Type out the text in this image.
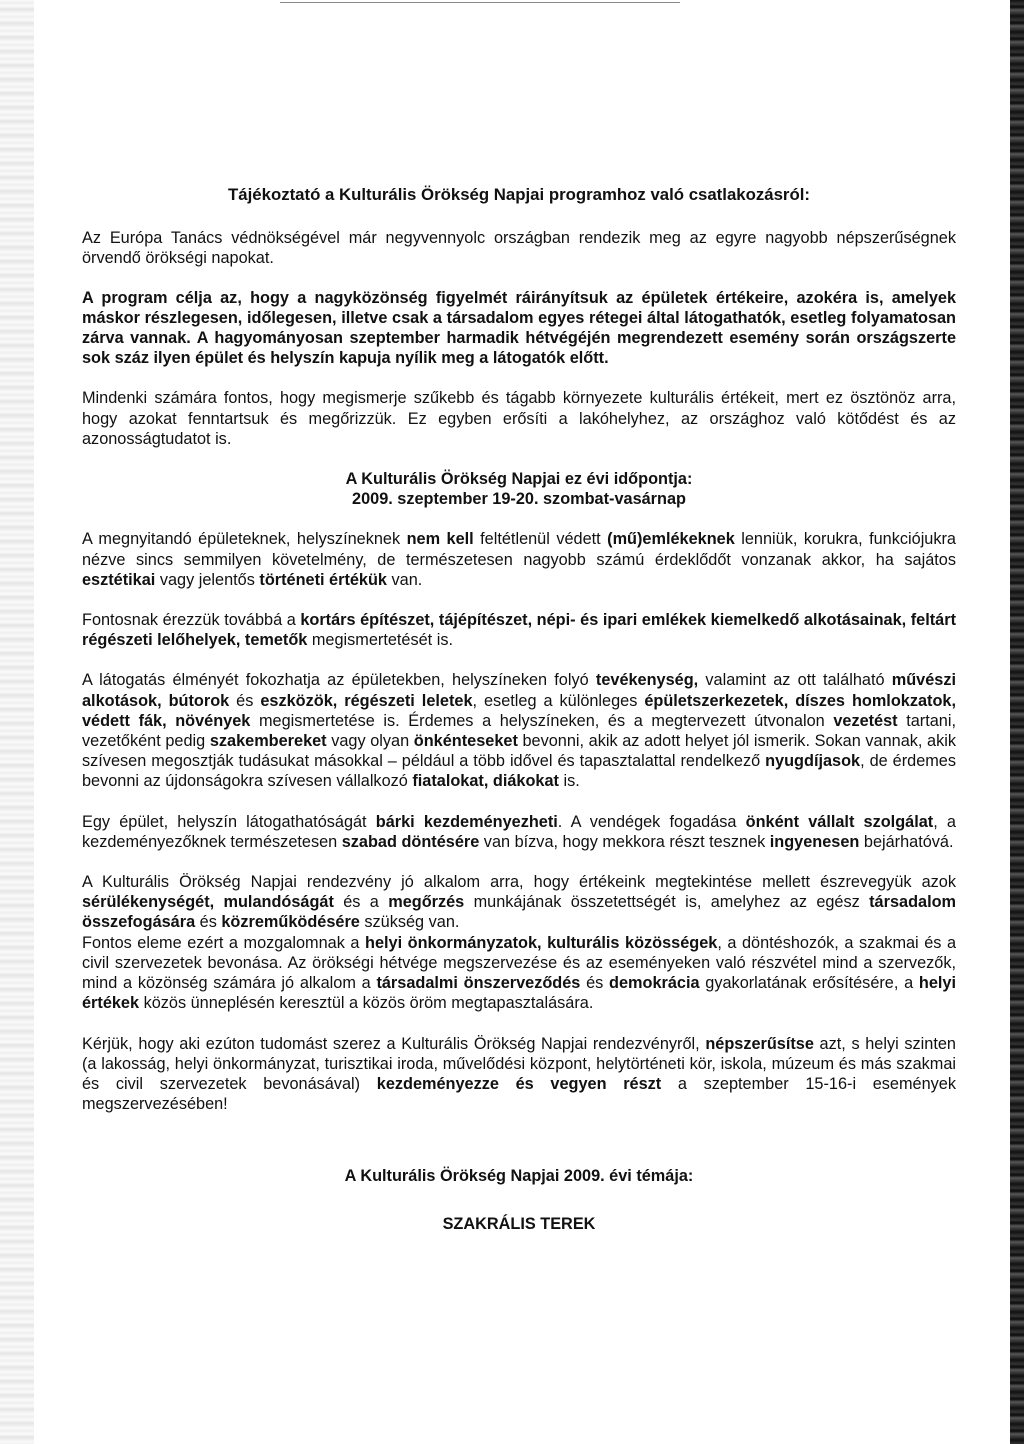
Tájékoztató a Kulturális Örökség Napjai programhoz való csatlakozásról:

Az Európa Tanács védnökségével már negyvennyolc országban rendezik meg az egyre nagyobb népszerűségnek örvendő örökségi napokat.

A program célja az, hogy a nagyközönség figyelmét ráirányítsuk az épületek értékeire, azokéra is, amelyek máskor részlegesen, időlegesen, illetve csak a társadalom egyes rétegei által látogathatók, esetleg folyamatosan zárva vannak. A hagyományosan szeptember harmadik hétvégéjén megrendezett esemény során országszerte sok száz ilyen épület és helyszín kapuja nyílik meg a látogatók előtt.

Mindenki számára fontos, hogy megismerje szűkebb és tágabb környezete kulturális értékeit, mert ez ösztönöz arra, hogy azokat fenntartsuk és megőrizzük. Ez egyben erősíti a lakóhelyhez, az országhoz való kötődést és az azonosságtudatot is.

A Kulturális Örökség Napjai ez évi időpontja:

2009. szeptember 19-20. szombat-vasárnap

A megnyitandó épületeknek, helyszíneknek nem kell feltétlenül védett (mű)emlékeknek lenniük, korukra, funkciójukra nézve sincs semmilyen követelmény, de természetesen nagyobb számú érdeklődőt vonzanak akkor, ha sajátos esztétikai vagy jelentős történeti értékük van.

Fontosnak érezzük továbbá a kortárs építészet, tájépítészet, népi- és ipari emlékek kiemelkedő alkotásainak, feltárt régészeti lelőhelyek, temetők megismertetését is.

A látogatás élményét fokozhatja az épületekben, helyszíneken folyó tevékenység, valamint az ott található művészi alkotások, bútorok és eszközök, régészeti leletek, esetleg a különleges épületszerkezetek, díszes homlokzatok, védett fák, növények megismertetése is. Érdemes a helyszíneken, és a megtervezett útvonalon vezetést tartani, vezetőként pedig szakembereket vagy olyan önkénteseket bevonni, akik az adott helyet jól ismerik. Sokan vannak, akik szívesen megosztják tudásukat másokkal – például a több idővel és tapasztalattal rendelkező nyugdíjasok, de érdemes bevonni az újdonságokra szívesen vállalkozó fiatalokat, diákokat is.

Egy épület, helyszín látogathatóságát bárki kezdeményezheti. A vendégek fogadása önként vállalt szolgálat, a kezdeményezőknek természetesen szabad döntésére van bízva, hogy mekkora részt tesznek ingyenesen bejárhatóvá.

A Kulturális Örökség Napjai rendezvény jó alkalom arra, hogy értékeink megtekintése mellett észrevegyük azok sérülékenységét, mulandóságát és a megőrzés munkájának összetettségét is, amelyhez az egész társadalom összefogására és közreműködésére szükség van.

Fontos eleme ezért a mozgalomnak a helyi önkormányzatok, kulturális közösségek, a döntéshozók, a szakmai és a civil szervezetek bevonása. Az örökségi hétvége megszervezése és az eseményeken való részvétel mind a szervezők, mind a közönség számára jó alkalom a társadalmi önszerveződés és demokrácia gyakorlatának erősítésére, a helyi értékek közös ünneplésén keresztül a közös öröm megtapasztalására.

Kérjük, hogy aki ezúton tudomást szerez a Kulturális Örökség Napjai rendezvényről, népszerűsítse azt, s helyi szinten (a lakosság, helyi önkormányzat, turisztikai iroda, művelődési központ, helytörténeti kör, iskola, múzeum és más szakmai és civil szervezetek bevonásával) kezdeményezze és vegyen részt a szeptember 15-16-i események megszervezésében!

A Kulturális Örökség Napjai 2009. évi témája:

SZAKRÁLIS TEREK
